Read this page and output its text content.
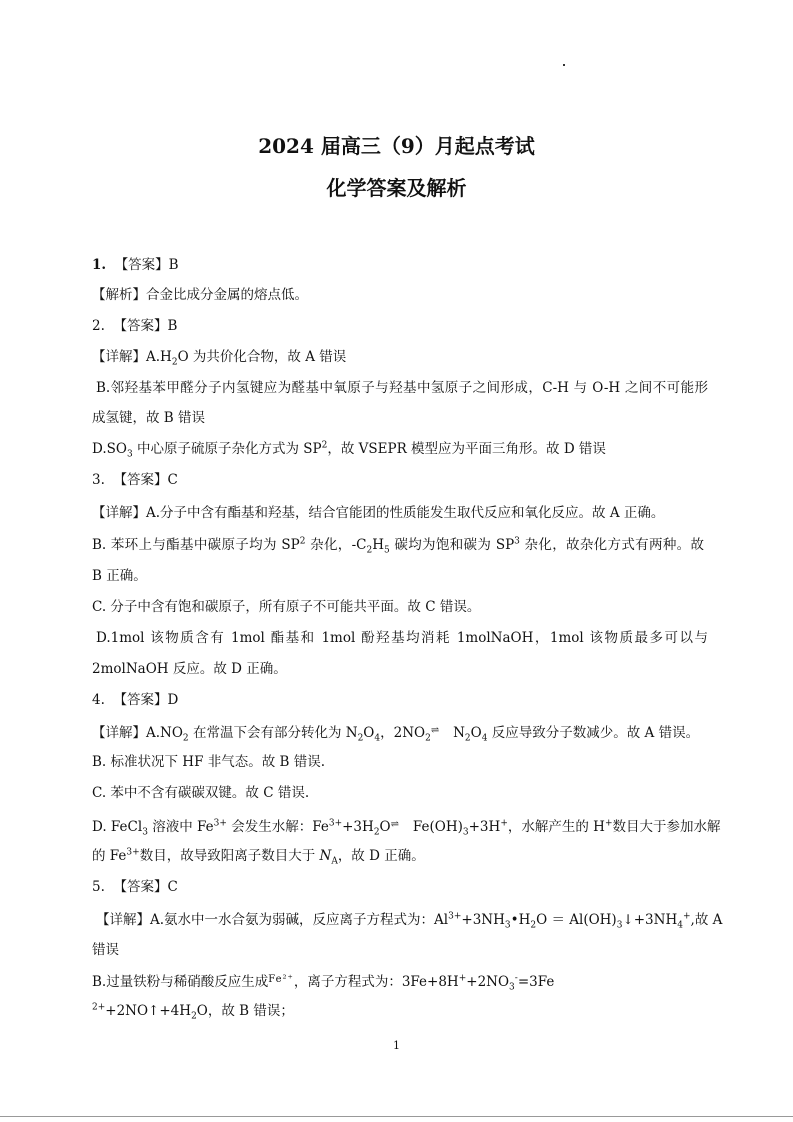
2024 届高三（9）月起点考试
化学答案及解析

1. 【答案】B

【解析】合金比成分金属的熔点低。

2. 【答案】B

【详解】$A.H_2O$ 为共价化合物，故 A 错误

B.邻羟基苯甲醛分子内氢键应为醛基中氧原子与羟基中氢原子之间形成，C-H 与 O-H 之间不可能形

成氢键，故 B 错误

$D.SO_3$ 中心原子硫原子杂化方式为 $SP^2$，故 VSEPR 模型应为平面三角形。故 D 错误

3. 【答案】C

【详解】A.分子中含有酯基和羟基，结合官能团的性质能发生取代反应和氧化反应。故 A 正确。

B. 苯环上与酯基中碳原子均为 $SP^2$ 杂化，$-C_2H_5$ 碳均为饱和碳为 $SP^3$ 杂化，故杂化方式有两种。故

B 正确。

C. 分子中含有饱和碳原子，所有原子不可能共平面。故 C 错误。

D.1mol 该物质含有 1mol 酯基和 1mol 酚羟基均消耗 1molNaOH，1mol 该物质最多可以与

2molNaOH 反应。故 D 正确。

4. 【答案】D

【详解】$A.NO_2$ 在常温下会有部分转化为 $N_2O_4$，$2NO_2\rightleftharpoons$ $N_2O_4$ 反应导致分子数减少。故 A 错误。

B. 标准状况下 HF 非气态。故 B 错误.

C. 苯中不含有碳碳双键。故 C 错误.

D. FeCl$_3$ 溶液中 $Fe^{3+}$ 会发生水解：$Fe^{3+}+3H_2O\rightleftharpoons$ $Fe(OH)_3+3H^+$，水解产生的 H+数目大于参加水解

的 $Fe^{3+}$数目，故导致阳离子数目大于 $N_A$，故 D 正确。

5. 【答案】C

【详解】A.氨水中一水合氨为弱碱，反应离子方程式为：$Al^{3+}+3NH_3•H_2O$ ＝ $Al(OH)_3↓+3NH_4^+$,故 A

错误

B.过量铁粉与稀硝酸反应生成Fe²⁺，离子方程式为：$3Fe+8H^++2NO_3^-=3Fe$

$^{2+}+2NO↑+4H_2O$，故 B 错误；

1
